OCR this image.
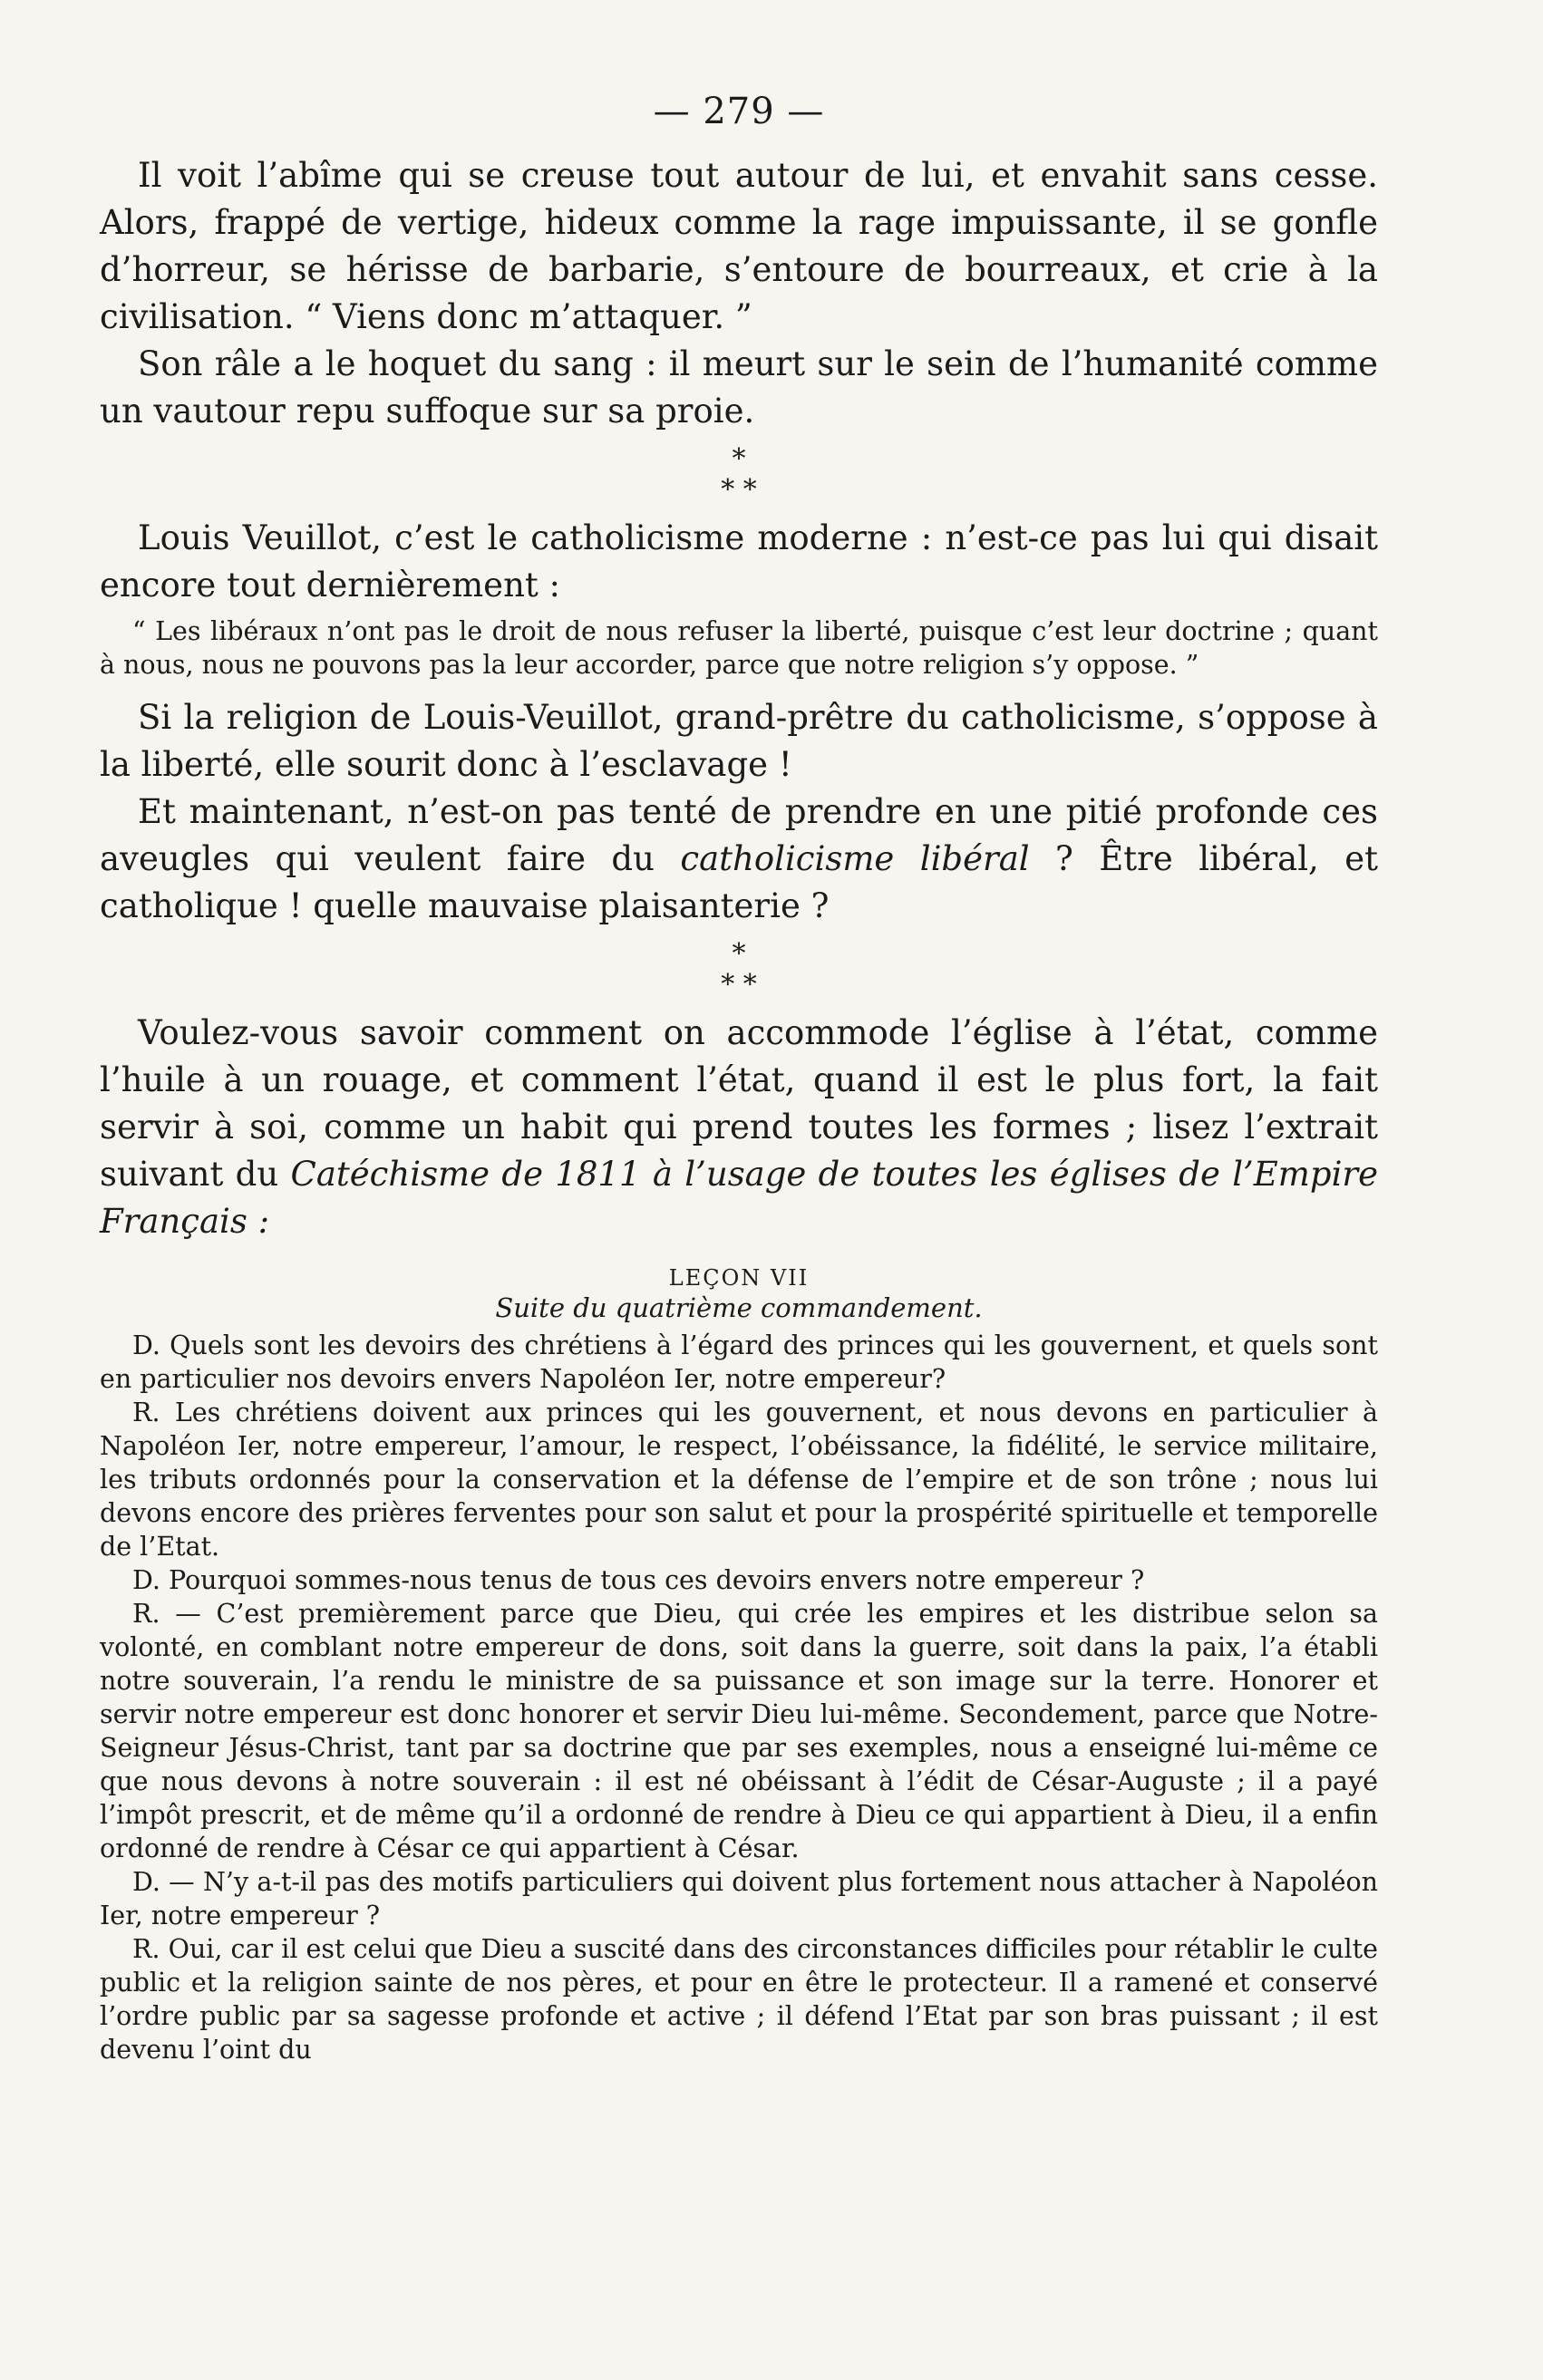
— 279 —

Il voit l’abîme qui se creuse tout autour de lui, et envahit sans cesse. Alors, frappé de vertige, hideux comme la rage impuissante, il se gonfle d’horreur, se hérisse de barbarie, s’entoure de bourreaux, et crie à la civilisation. “ Viens donc m’attaquer. ”

Son râle a le hoquet du sang : il meurt sur le sein de l’humanité comme un vautour repu suffoque sur sa proie.

*
* *

Louis Veuillot, c’est le catholicisme moderne : n’est-ce pas lui qui disait encore tout dernièrement :

“ Les libéraux n’ont pas le droit de nous refuser la liberté, puisque c’est leur doctrine ; quant à nous, nous ne pouvons pas la leur accorder, parce que notre religion s’y oppose. ”

Si la religion de Louis-Veuillot, grand-prêtre du catholicisme, s’oppose à la liberté, elle sourit donc à l’esclavage !

Et maintenant, n’est-on pas tenté de prendre en une pitié profonde ces aveugles qui veulent faire du catholicisme libéral ? Être libéral, et catholique ! quelle mauvaise plaisanterie ?

*
* *

Voulez-vous savoir comment on accommode l’église à l’état, comme l’huile à un rouage, et comment l’état, quand il est le plus fort, la fait servir à soi, comme un habit qui prend toutes les formes ; lisez l’extrait suivant du Catéchisme de 1811 à l’usage de toutes les églises de l’Empire Français :

LEÇON VII
Suite du quatrième commandement.

D. Quels sont les devoirs des chrétiens à l’égard des princes qui les gouvernent, et quels sont en particulier nos devoirs envers Napoléon Ier, notre empereur?

R. Les chrétiens doivent aux princes qui les gouvernent, et nous devons en particulier à Napoléon Ier, notre empereur, l’amour, le respect, l’obéissance, la fidélité, le service militaire, les tributs ordonnés pour la conservation et la défense de l’empire et de son trône ; nous lui devons encore des prières ferventes pour son salut et pour la prospérité spirituelle et temporelle de l’Etat.

D. Pourquoi sommes-nous tenus de tous ces devoirs envers notre empereur ?

R. — C’est premièrement parce que Dieu, qui crée les empires et les distribue selon sa volonté, en comblant notre empereur de dons, soit dans la guerre, soit dans la paix, l’a établi notre souverain, l’a rendu le ministre de sa puissance et son image sur la terre. Honorer et servir notre empereur est donc honorer et servir Dieu lui-même. Secondement, parce que Notre-Seigneur Jésus-Christ, tant par sa doctrine que par ses exemples, nous a enseigné lui-même ce que nous devons à notre souverain : il est né obéissant à l’édit de César-Auguste ; il a payé l’impôt prescrit, et de même qu’il a ordonné de rendre à Dieu ce qui appartient à Dieu, il a enfin ordonné de rendre à César ce qui appartient à César.

D. — N’y a-t-il pas des motifs particuliers qui doivent plus fortement nous attacher à Napoléon Ier, notre empereur ?

R. Oui, car il est celui que Dieu a suscité dans des circonstances difficiles pour rétablir le culte public et la religion sainte de nos pères, et pour en être le protecteur. Il a ramené et conservé l’ordre public par sa sagesse profonde et active ; il défend l’Etat par son bras puissant ; il est devenu l’oint du
